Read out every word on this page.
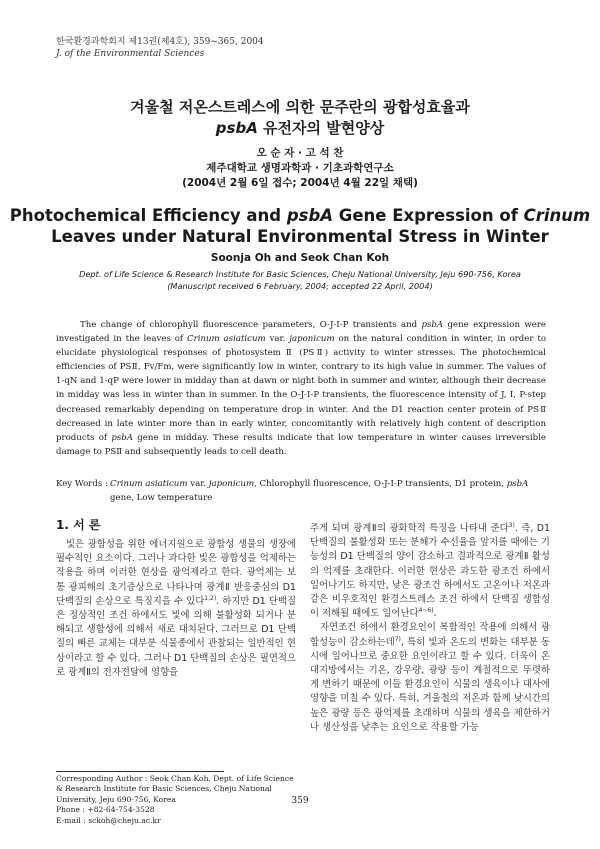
한국환경과학회지 제13권(제4호), 359~365, 2004
J. of the Environmental Sciences
겨울철 저온스트레스에 의한 문주란의 광합성효율과
psbA 유전자의 발현양상
오 순 자 · 고 석 찬
제주대학교 생명과학과 · 기초과학연구소
(2004년 2월 6일 접수; 2004년 4월 22일 채택)
Photochemical Efficiency and psbA Gene Expression of Crinum
Leaves under Natural Environmental Stress in Winter
Soonja Oh and Seok Chan Koh
Dept. of Life Science & Research Institute for Basic Sciences, Cheju National University, Jeju 690-756, Korea
(Manuscript received 6 February, 2004; accepted 22 April, 2004)

The change of chlorophyll fluorescence parameters, O-J-I-P transients and psbA gene expression were investigated in the leaves of Crinum asiaticum var. japonicum on the natural condition in winter, in order to elucidate physiological responses of photosystem Ⅱ (PSⅡ) activity to winter stresses. The photochemical efficiencies of PSⅡ, Fv/Fm, were significantly low in winter, contrary to its high value in summer. The values of 1-qN and 1-qP were lower in midday than at dawn or night both in summer and winter, although their decrease in midday was less in winter than in summer. In the O-J-I-P transients, the fluorescence intensity of J, I, P-step decreased remarkably depending on temperature drop in winter. And the D1 reaction center protein of PSⅡ decreased in late winter more than in early winter, concomitantly with relatively high content of description products of psbA gene in midday. These results indicate that low temperature in winter causes irreversible damage to PSⅡ and subsequently leads to cell death.

Key Words : Crinum asiaticum var. japonicum, Chlorophyll fluorescence, O-J-I-P transients, D1 protein, psbA
gene, Low temperature
1. 서 론

빛은 광합성을 위한 에너지원으로 광합성 생물의 생장에 필수적인 요소이다. 그러나 과다한 빛은 광합성을 억제하는 작용을 하며 이러한 현상을 광억제라고 한다. 광억제는 보통 광피해의 초기증상으로 나타나며 광계Ⅱ 반응중심의 D1 단백질의 손상으로 특징지을 수 있다$^{1,2)}$. 하지만 D1 단백질은 정상적인 조건 하에서도 빛에 의해 불활성화 되거나 분해되고 생합성에 의해서 새로 대치된다. 그러므로 D1 단백질의 빠른 교체는 대부분 식물종에서 관찰되는 일반적인 현상이라고 할 수 있다. 그러나 D1 단백질의 손상은 필연적으로 광계Ⅱ의 전자전달에 영향을

주게 되며 광계Ⅱ의 광화학적 특징을 나타내 준다$^{3)}$. 즉, D1 단백질의 불활성화 또는 분해가 수선율을 앞지를 때에는 기능성의 D1 단백질의 양이 감소하고 결과적으로 광계Ⅱ 활성의 억제를 초래한다. 이러한 현상은 과도한 광조건 하에서 일어나기도 하지만, 낮은 광조건 하에서도 고온이나 저온과 같은 비우호적인 환경스트레스 조건 하에서 단백질 생합성이 저해될 때에도 일어난다$^{4\sim 6)}$.

자연조건 하에서 환경요인이 복합적인 작용에 의해서 광합성능이 감소하는데$^{7)}$, 특히 빛과 온도의 변화는 대부분 동시에 일어나므로 중요한 요인이라고 할 수 있다. 더욱이 온대지방에서는 기온, 강우량, 광량 등이 계절적으로 뚜렷하게 변하기 때문에 이들 환경요인이 식물의 생육이나 대사에 영향을 미칠 수 있다. 특히, 겨울철의 저온과 함께 낮시간의 높은 광량 등은 광억제를 초래하며 식물의 생육을 제한하거나 생산성을 낮추는 요인으로 작용할 가능

Corresponding Author : Seok Chan Koh, Dept. of Life Science
& Research Institute for Basic Sciences, Cheju National
University, Jeju 690-756, Korea
Phone : +82-64-754-3528
E-mail : sckoh@cheju.ac.kr
359
